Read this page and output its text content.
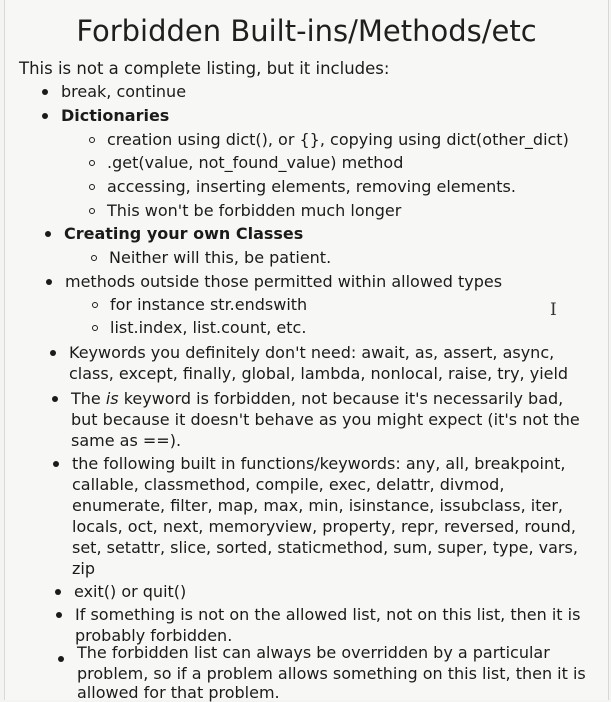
Forbidden Built-ins/Methods/etc
This is not a complete listing, but it includes:
break, continue
Dictionaries
creation using dict(), or {}, copying using dict(other_dict)
.get(value, not_found_value) method
accessing, inserting elements, removing elements.
This won't be forbidden much longer
Creating your own Classes
Neither will this, be patient.
methods outside those permitted within allowed types
for instance str.endswith
list.index, list.count, etc.
Keywords you definitely don't need: await, as, assert, async,
class, except, finally, global, lambda, nonlocal, raise, try, yield
The is keyword is forbidden, not because it's necessarily bad,
but because it doesn't behave as you might expect (it's not the
same as ==).
the following built in functions/keywords: any, all, breakpoint,
callable, classmethod, compile, exec, delattr, divmod,
enumerate, filter, map, max, min, isinstance, issubclass, iter,
locals, oct, next, memoryview, property, repr, reversed, round,
set, setattr, slice, sorted, staticmethod, sum, super, type, vars,
zip
exit() or quit()
If something is not on the allowed list, not on this list, then it is
probably forbidden.
The forbidden list can always be overridden by a particular
problem, so if a problem allows something on this list, then it is
allowed for that problem.
I
